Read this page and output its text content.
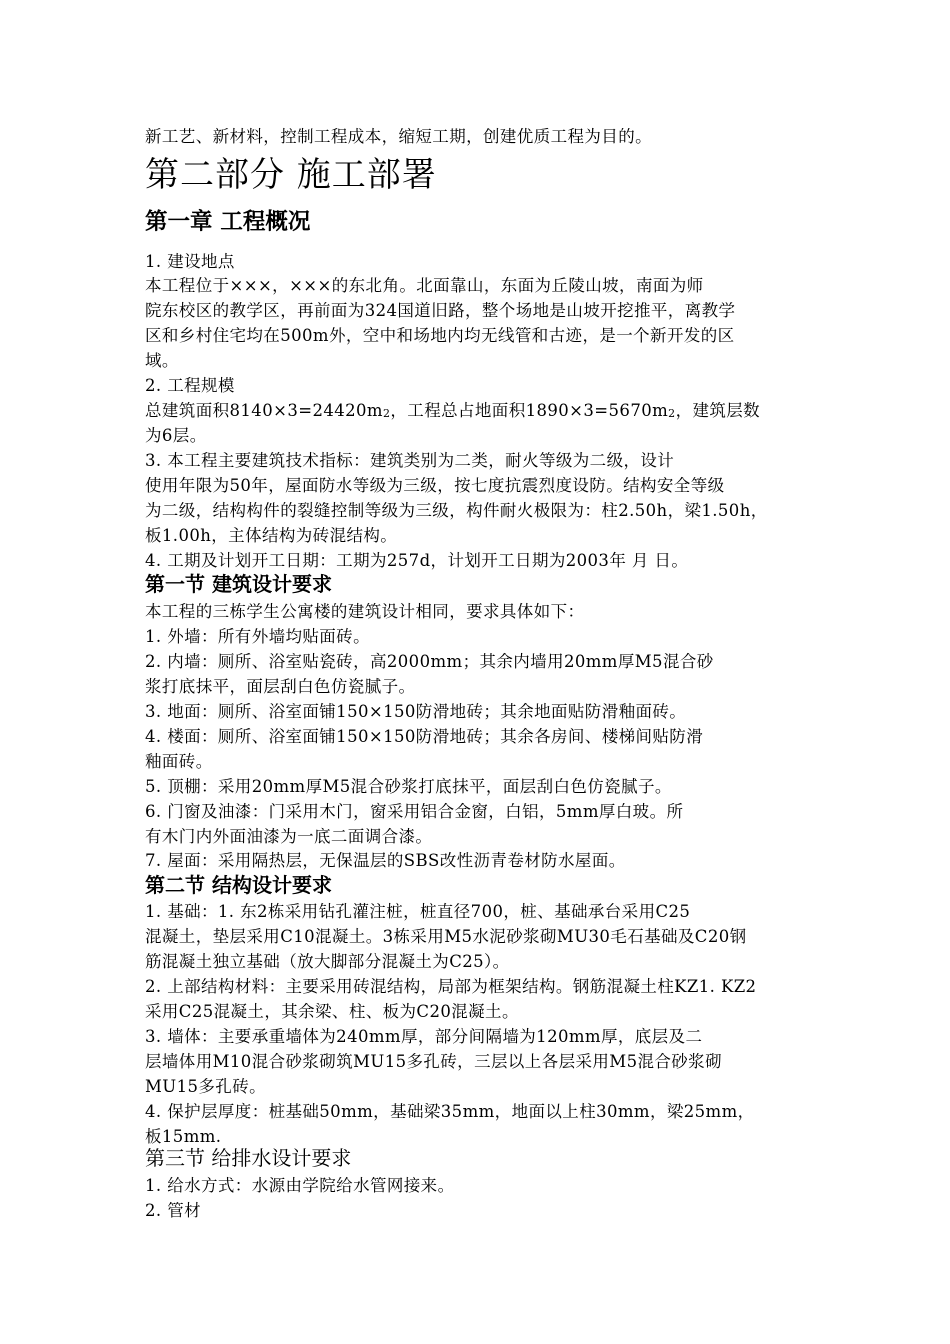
新工艺、新材料，控制工程成本，缩短工期，创建优质工程为目的。
第二部分 施工部署
第一章 工程概况
1. 建设地点
本工程位于×××，×××的东北角。北面靠山，东面为丘陵山坡，南面为师
院东校区的教学区，再前面为324国道旧路，整个场地是山坡开挖推平，离教学
区和乡村住宅均在500m外，空中和场地内均无线管和古迹，是一个新开发的区
域。
2. 工程规模
总建筑面积$8140\times 3=24420m_2$，工程总占地面积$1890\times 3=5670m_2$，建筑层数
为6层。
3. 本工程主要建筑技术指标：建筑类别为二类，耐火等级为二级，设计
使用年限为50年，屋面防水等级为三级，按七度抗震烈度设防。结构安全等级
为二级，结构构件的裂缝控制等级为三级，构件耐火极限为：柱2.50h，梁1.50h，
板1.00h，主体结构为砖混结构。
4. 工期及计划开工日期：工期为257d，计划开工日期为2003年 月 日。
第一节 建筑设计要求
本工程的三栋学生公寓楼的建筑设计相同，要求具体如下：
1. 外墙：所有外墙均贴面砖。
2. 内墙：厕所、浴室贴瓷砖，高2000mm；其余内墙用20mm厚M5混合砂
浆打底抹平，面层刮白色仿瓷腻子。
3. 地面：厕所、浴室面铺150×150防滑地砖；其余地面贴防滑釉面砖。
4. 楼面：厕所、浴室面铺150×150防滑地砖；其余各房间、楼梯间贴防滑
釉面砖。
5. 顶棚：采用20mm厚M5混合砂浆打底抹平，面层刮白色仿瓷腻子。
6. 门窗及油漆：门采用木门，窗采用铝合金窗，白铝，5mm厚白玻。所
有木门内外面油漆为一底二面调合漆。
7. 屋面：采用隔热层，无保温层的SBS改性沥青卷材防水屋面。
第二节 结构设计要求
1. 基础：1. 东2栋采用钻孔灌注桩，桩直径700，桩、基础承台采用C25
混凝土，垫层采用C10混凝土。3栋采用M5水泥砂浆砌MU30毛石基础及C20钢
筋混凝土独立基础（放大脚部分混凝土为C25）。
2. 上部结构材料：主要采用砖混结构，局部为框架结构。钢筋混凝土柱KZ1. KZ2
采用C25混凝土，其余梁、柱、板为C20混凝土。
3. 墙体：主要承重墙体为240mm厚，部分间隔墙为120mm厚，底层及二
层墙体用M10混合砂浆砌筑MU15多孔砖，三层以上各层采用M5混合砂浆砌
MU15多孔砖。
4. 保护层厚度：桩基础50mm，基础梁35mm，地面以上柱30mm，梁25mm，
板15mm.
第三节 给排水设计要求
1. 给水方式：水源由学院给水管网接来。
2. 管材
